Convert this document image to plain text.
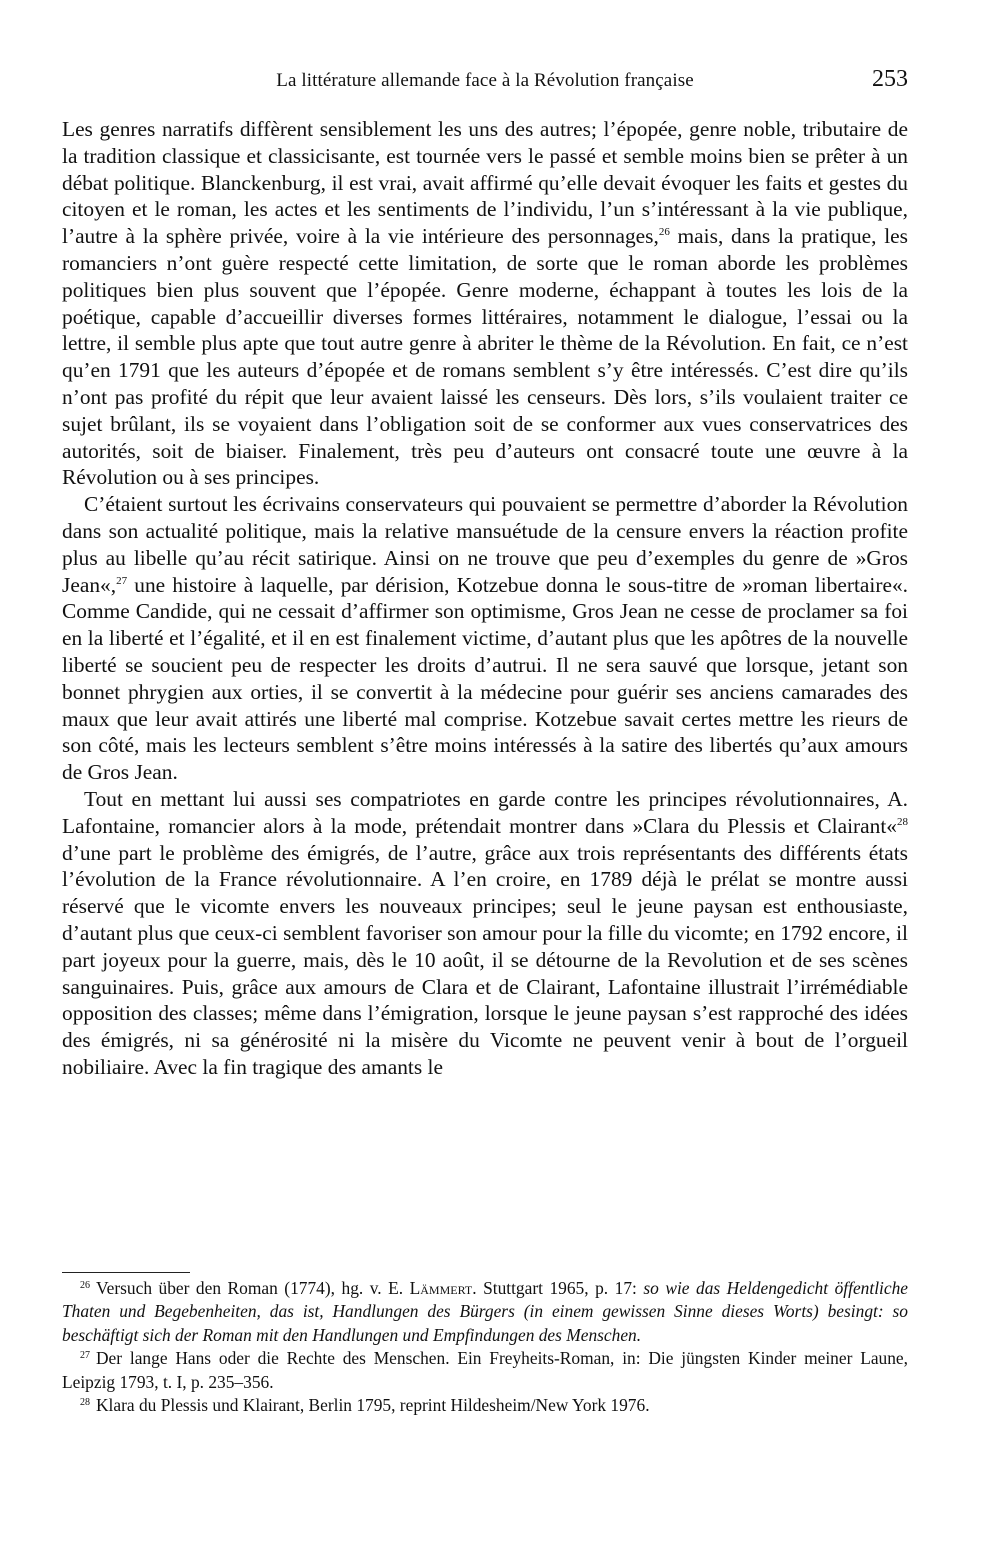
La littérature allemande face à la Révolution française	253

Les genres narratifs diffèrent sensiblement les uns des autres; l’épopée, genre noble, tributaire de la tradition classique et classicisante, est tournée vers le passé et semble moins bien se prêter à un débat politique. Blanckenburg, il est vrai, avait affirmé qu’elle devait évoquer les faits et gestes du citoyen et le roman, les actes et les sentiments de l’individu, l’un s’intéressant à la vie publique, l’autre à la sphère privée, voire à la vie intérieure des personnages,$^{26}$ mais, dans la pratique, les romanciers n’ont guère respecté cette limitation, de sorte que le roman aborde les problèmes politiques bien plus souvent que l’épopée. Genre moderne, échappant à toutes les lois de la poétique, capable d’accueillir diverses formes littéraires, notamment le dialogue, l’essai ou la lettre, il semble plus apte que tout autre genre à abriter le thème de la Révolution. En fait, ce n’est qu’en 1791 que les auteurs d’épopée et de romans semblent s’y être intéressés. C’est dire qu’ils n’ont pas profité du répit que leur avaient laissé les censeurs. Dès lors, s’ils voulaient traiter ce sujet brûlant, ils se voyaient dans l’obligation soit de se conformer aux vues conservatrices des autorités, soit de biaiser. Finalement, très peu d’auteurs ont consacré toute une œuvre à la Révolution ou à ses principes.

C’étaient surtout les écrivains conservateurs qui pouvaient se permettre d’aborder la Révolution dans son actualité politique, mais la relative mansuétude de la censure envers la réaction profite plus au libelle qu’au récit satirique. Ainsi on ne trouve que peu d’exemples du genre de »Gros Jean«,$^{27}$ une histoire à laquelle, par dérision, Kotzebue donna le sous-titre de »roman libertaire«. Comme Candide, qui ne cessait d’affirmer son optimisme, Gros Jean ne cesse de proclamer sa foi en la liberté et l’égalité, et il en est finalement victime, d’autant plus que les apôtres de la nouvelle liberté se soucient peu de respecter les droits d’autrui. Il ne sera sauvé que lorsque, jetant son bonnet phrygien aux orties, il se convertit à la médecine pour guérir ses anciens camarades des maux que leur avait attirés une liberté mal comprise. Kotzebue savait certes mettre les rieurs de son côté, mais les lecteurs semblent s’être moins intéressés à la satire des libertés qu’aux amours de Gros Jean.

Tout en mettant lui aussi ses compatriotes en garde contre les principes révolutionnaires, A. Lafontaine, romancier alors à la mode, prétendait montrer dans »Clara du Plessis et Clairant«$^{28}$ d’une part le problème des émigrés, de l’autre, grâce aux trois représentants des différents états l’évolution de la France révolutionnaire. A l’en croire, en 1789 déjà le prélat se montre aussi réservé que le vicomte envers les nouveaux principes; seul le jeune paysan est enthousiaste, d’autant plus que ceux-ci semblent favoriser son amour pour la fille du vicomte; en 1792 encore, il part joyeux pour la guerre, mais, dès le 10 août, il se détourne de la Revolution et de ses scènes sanguinaires. Puis, grâce aux amours de Clara et de Clairant, Lafontaine illustrait l’irrémédiable opposition des classes; même dans l’émigration, lorsque le jeune paysan s’est rapproché des idées des émigrés, ni sa générosité ni la misère du Vicomte ne peuvent venir à bout de l’orgueil nobiliaire. Avec la fin tragique des amants le

$^{26}$ Versuch über den Roman (1774), hg. v. E. Lämmert. Stuttgart 1965, p. 17: so wie das Heldengedicht öffentliche Thaten und Begebenheiten, das ist, Handlungen des Bürgers (in einem gewissen Sinne dieses Worts) besingt: so beschäftigt sich der Roman mit den Handlungen und Empfindungen des Menschen.

$^{27}$ Der lange Hans oder die Rechte des Menschen. Ein Freyheits-Roman, in: Die jüngsten Kinder meiner Laune, Leipzig 1793, t. I, p. 235–356.

$^{28}$ Klara du Plessis und Klairant, Berlin 1795, reprint Hildesheim/New York 1976.
